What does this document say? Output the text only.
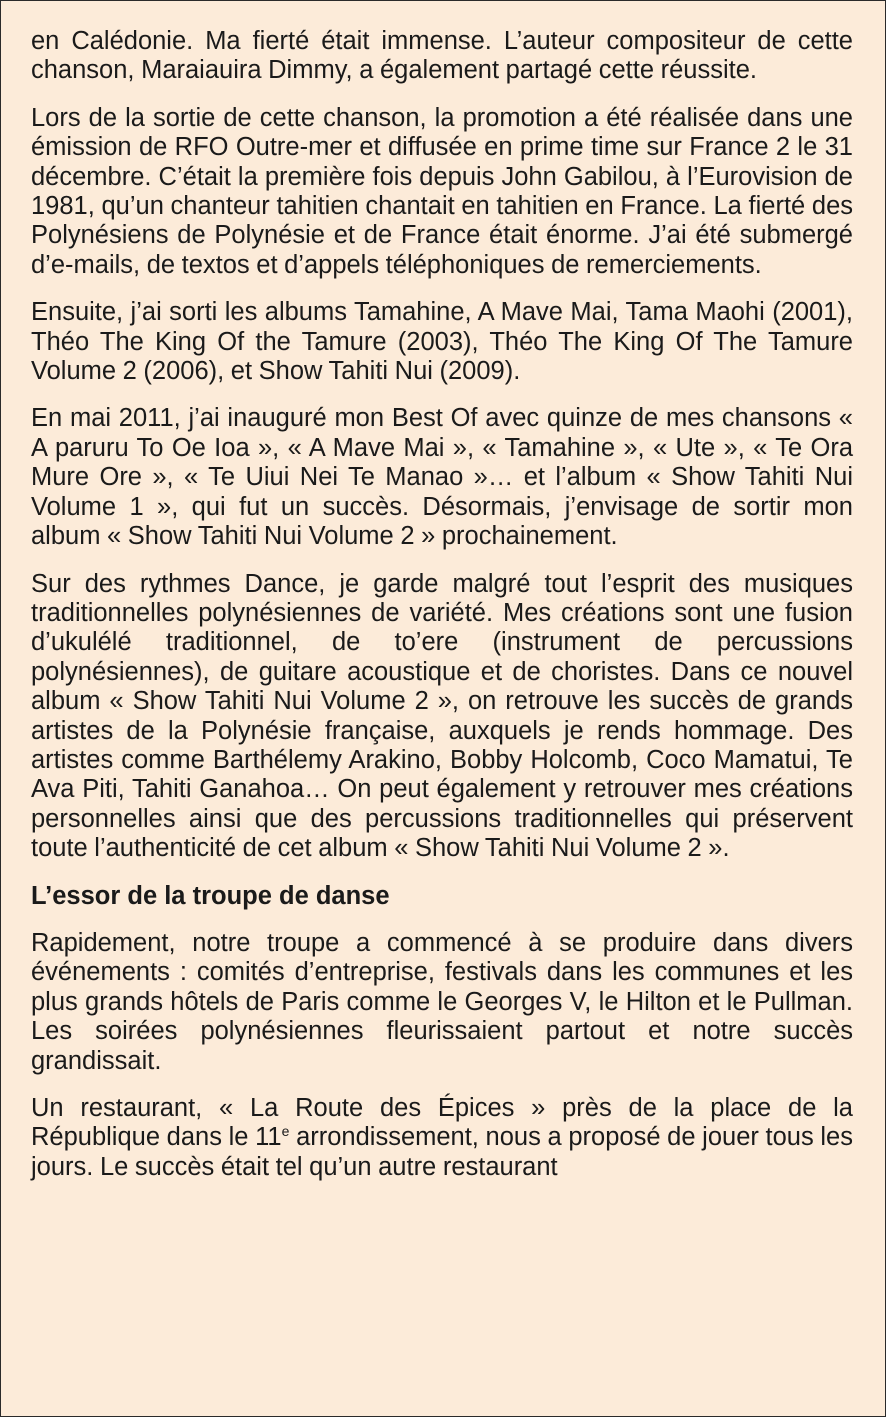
en Calédonie. Ma fierté était immense. L’auteur compositeur de cette chanson, Maraiauira Dimmy, a également partagé cette réussite.

Lors de la sortie de cette chanson, la promotion a été réalisée dans une émission de RFO Outre-mer et diffusée en prime time sur France 2 le 31 décembre. C’était la première fois depuis John Gabilou, à l’Eurovision de 1981, qu’un chanteur tahitien chantait en tahitien en France. La fierté des Polynésiens de Polynésie et de France était énorme. J’ai été submergé d’e-mails, de textos et d’appels téléphoniques de remerciements.

Ensuite, j’ai sorti les albums Tamahine, A Mave Mai, Tama Maohi (2001), Théo The King Of the Tamure (2003), Théo The King Of The Tamure Volume 2 (2006), et Show Tahiti Nui (2009).

En mai 2011, j’ai inauguré mon Best Of avec quinze de mes chansons « A paruru To Oe Ioa », « A Mave Mai », « Tamahine », « Ute », « Te Ora Mure Ore », « Te Uiui Nei Te Manao »… et l’album « Show Tahiti Nui Volume 1 », qui fut un succès. Désormais, j’envisage de sortir mon album « Show Tahiti Nui Volume 2 » prochainement.

Sur des rythmes Dance, je garde malgré tout l’esprit des musiques traditionnelles polynésiennes de variété. Mes créations sont une fusion d’ukulélé traditionnel, de to’ere (instrument de percussions polynésiennes), de guitare acoustique et de choristes. Dans ce nouvel album « Show Tahiti Nui Volume 2 », on retrouve les succès de grands artistes de la Polynésie française, auxquels je rends hommage. Des artistes comme Barthélemy Arakino, Bobby Holcomb, Coco Mamatui, Te Ava Piti, Tahiti Ganahoa… On peut également y retrouver mes créations personnelles ainsi que des percussions traditionnelles qui préservent toute l’authenticité de cet album « Show Tahiti Nui Volume 2 ».

L’essor de la troupe de danse

Rapidement, notre troupe a commencé à se produire dans divers événements : comités d’entreprise, festivals dans les communes et les plus grands hôtels de Paris comme le Georges V, le Hilton et le Pullman. Les soirées polynésiennes fleurissaient partout et notre succès grandissait.

Un restaurant, « La Route des Épices » près de la place de la République dans le 11e arrondissement, nous a proposé de jouer tous les jours. Le succès était tel qu’un autre restaurant
